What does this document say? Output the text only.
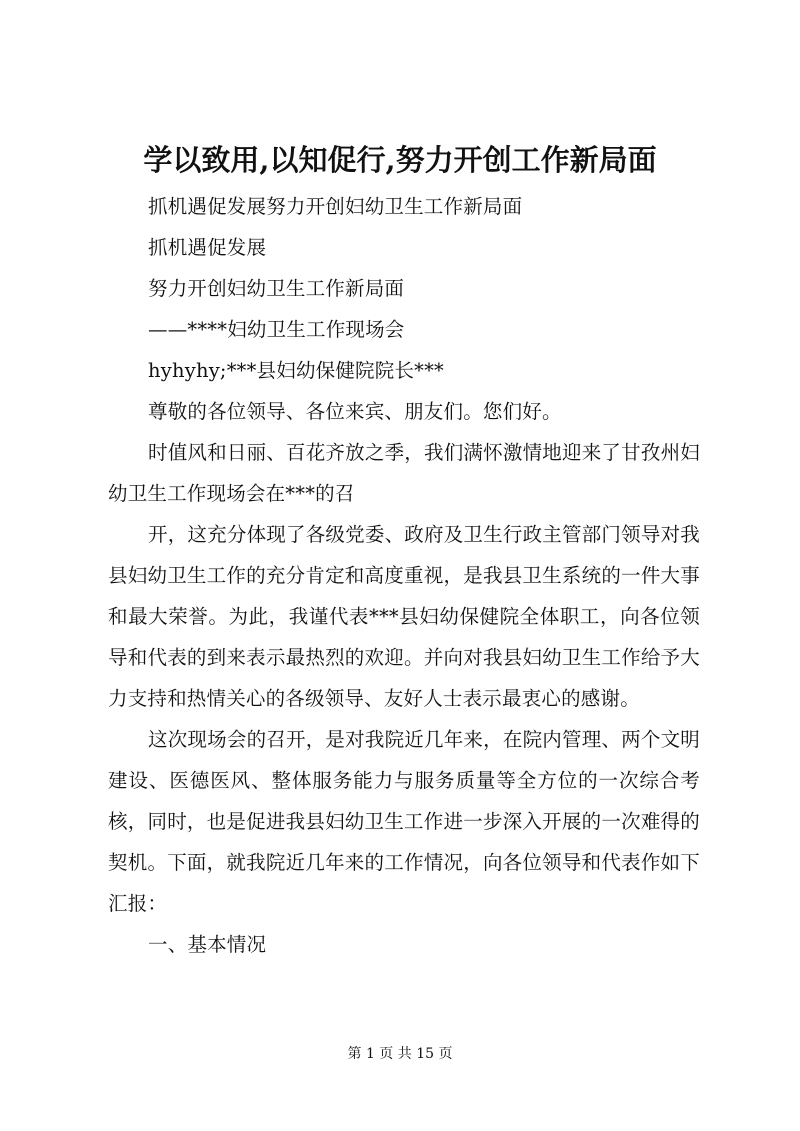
学以致用,以知促行,努力开创工作新局面

抓机遇促发展努力开创妇幼卫生工作新局面

抓机遇促发展

努力开创妇幼卫生工作新局面

——****妇幼卫生工作现场会

hyhyhy;***县妇幼保健院院长***

尊敬的各位领导、各位来宾、朋友们。您们好。

时值风和日丽、百花齐放之季，我们满怀激情地迎来了甘孜州妇幼卫生工作现场会在***的召

开，这充分体现了各级党委、政府及卫生行政主管部门领导对我县妇幼卫生工作的充分肯定和高度重视，是我县卫生系统的一件大事和最大荣誉。为此，我谨代表***县妇幼保健院全体职工，向各位领导和代表的到来表示最热烈的欢迎。并向对我县妇幼卫生工作给予大力支持和热情关心的各级领导、友好人士表示最衷心的感谢。

这次现场会的召开，是对我院近几年来，在院内管理、两个文明建设、医德医风、整体服务能力与服务质量等全方位的一次综合考核，同时，也是促进我县妇幼卫生工作进一步深入开展的一次难得的契机。下面，就我院近几年来的工作情况，向各位领导和代表作如下汇报：

一、基本情况

第 1 页 共 15 页
